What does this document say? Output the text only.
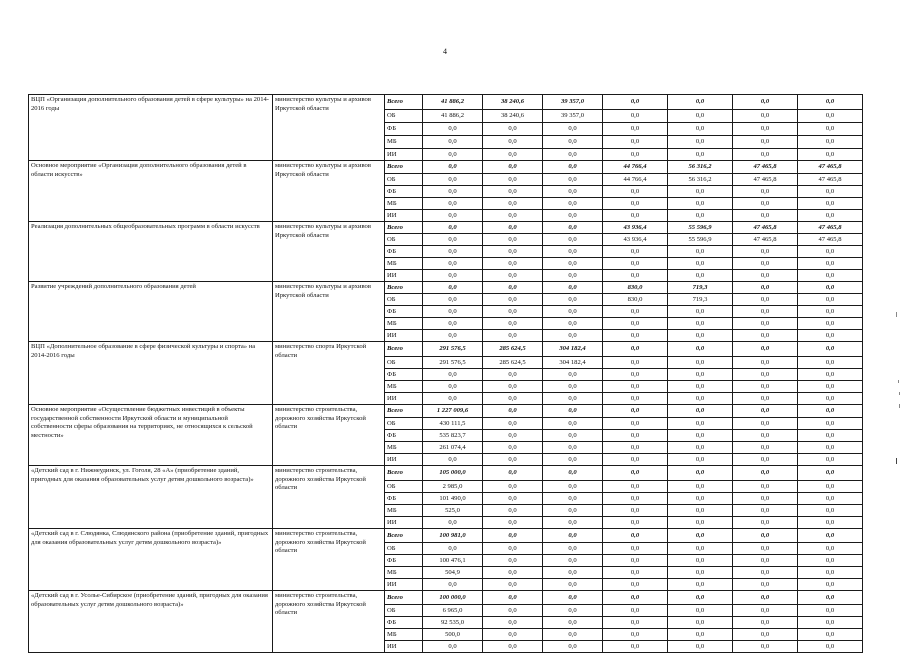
4
ВЦП «Организация дополнительного образования детей в сфере культуры» на 2014-2016 годы	министерство культуры и архивов Иркутской области	Всего	41 886,2	38 240,6	39 357,0	0,0	0,0	0,0	0,0
		ОБ	41 886,2	38 240,6	39 357,0	0,0	0,0	0,0	0,0
		ФБ	0,0	0,0	0,0	0,0	0,0	0,0	0,0
		МБ	0,0	0,0	0,0	0,0	0,0	0,0	0,0
		ИИ	0,0	0,0	0,0	0,0	0,0	0,0	0,0
Основное мероприятие «Организация дополнительного образования детей в области искусств»	министерство культуры и архивов Иркутской области	Всего	0,0	0,0	0,0	44 766,4	56 316,2	47 465,8	47 465,8
		ОБ	0,0	0,0	0,0	44 766,4	56 316,2	47 465,8	47 465,8
		ФБ	0,0	0,0	0,0	0,0	0,0	0,0	0,0
		МБ	0,0	0,0	0,0	0,0	0,0	0,0	0,0
		ИИ	0,0	0,0	0,0	0,0	0,0	0,0	0,0
Реализация дополнительных общеобразовательных программ в области искусств	министерство культуры и архивов Иркутской области	Всего	0,0	0,0	0,0	43 936,4	55 596,9	47 465,8	47 465,8
		ОБ	0,0	0,0	0,0	43 936,4	55 596,9	47 465,8	47 465,8
		ФБ	0,0	0,0	0,0	0,0	0,0	0,0	0,0
		МБ	0,0	0,0	0,0	0,0	0,0	0,0	0,0
		ИИ	0,0	0,0	0,0	0,0	0,0	0,0	0,0
Развитие учреждений дополнительного образования детей	министерство культуры и архивов Иркутской области	Всего	0,0	0,0	0,0	830,0	719,3	0,0	0,0
		ОБ	0,0	0,0	0,0	830,0	719,3	0,0	0,0
		ФБ	0,0	0,0	0,0	0,0	0,0	0,0	0,0
		МБ	0,0	0,0	0,0	0,0	0,0	0,0	0,0
		ИИ	0,0	0,0	0,0	0,0	0,0	0,0	0,0
ВЦП «Дополнительное образование в сфере физической культуры и спорта» на 2014-2016 годы	министерство спорта Иркутской области	Всего	291 576,5	285 624,5	304 182,4	0,0	0,0	0,0	0,0
		ОБ	291 576,5	285 624,5	304 182,4	0,0	0,0	0,0	0,0
		ФБ	0,0	0,0	0,0	0,0	0,0	0,0	0,0
		МБ	0,0	0,0	0,0	0,0	0,0	0,0	0,0
		ИИ	0,0	0,0	0,0	0,0	0,0	0,0	0,0
Основное мероприятие «Осуществление бюджетных инвестиций в объекты государственной собственности Иркутской области и муниципальной собственности сферы образования на территориях, не относящихся к сельской местности»	министерство строительства, дорожного хозяйства Иркутской области	Всего	1 227 009,6	0,0	0,0	0,0	0,0	0,0	0,0
		ОБ	430 111,5	0,0	0,0	0,0	0,0	0,0	0,0
		ФБ	535 823,7	0,0	0,0	0,0	0,0	0,0	0,0
		МБ	261 074,4	0,0	0,0	0,0	0,0	0,0	0,0
		ИИ	0,0	0,0	0,0	0,0	0,0	0,0	0,0
«Детский сад в г. Нижнеудинск, ул. Гоголя, 28 «А» (приобретение зданий, пригодных для оказания образовательных услуг детям дошкольного возраста)»	министерство строительства, дорожного хозяйства Иркутской области	Всего	105 000,0	0,0	0,0	0,0	0,0	0,0	0,0
		ОБ	2 985,0	0,0	0,0	0,0	0,0	0,0	0,0
		ФБ	101 490,0	0,0	0,0	0,0	0,0	0,0	0,0
		МБ	525,0	0,0	0,0	0,0	0,0	0,0	0,0
		ИИ	0,0	0,0	0,0	0,0	0,0	0,0	0,0
«Детский сад в г. Слюдянка, Слюдянского района (приобретение зданий, пригодных для оказания образовательных услуг детям дошкольного возраста)»	министерство строительства, дорожного хозяйства Иркутской области	Всего	100 981,0	0,0	0,0	0,0	0,0	0,0	0,0
		ОБ	0,0	0,0	0,0	0,0	0,0	0,0	0,0
		ФБ	100 476,1	0,0	0,0	0,0	0,0	0,0	0,0
		МБ	504,9	0,0	0,0	0,0	0,0	0,0	0,0
		ИИ	0,0	0,0	0,0	0,0	0,0	0,0	0,0
«Детский сад в г. Усолье-Сибирское (приобретение зданий, пригодных для оказания образовательных услуг детям дошкольного возраста)»	министерство строительства, дорожного хозяйства Иркутской области	Всего	100 000,0	0,0	0,0	0,0	0,0	0,0	0,0
		ОБ	6 965,0	0,0	0,0	0,0	0,0	0,0	0,0
		ФБ	92 535,0	0,0	0,0	0,0	0,0	0,0	0,0
		МБ	500,0	0,0	0,0	0,0	0,0	0,0	0,0
		ИИ	0,0	0,0	0,0	0,0	0,0	0,0	0,0
